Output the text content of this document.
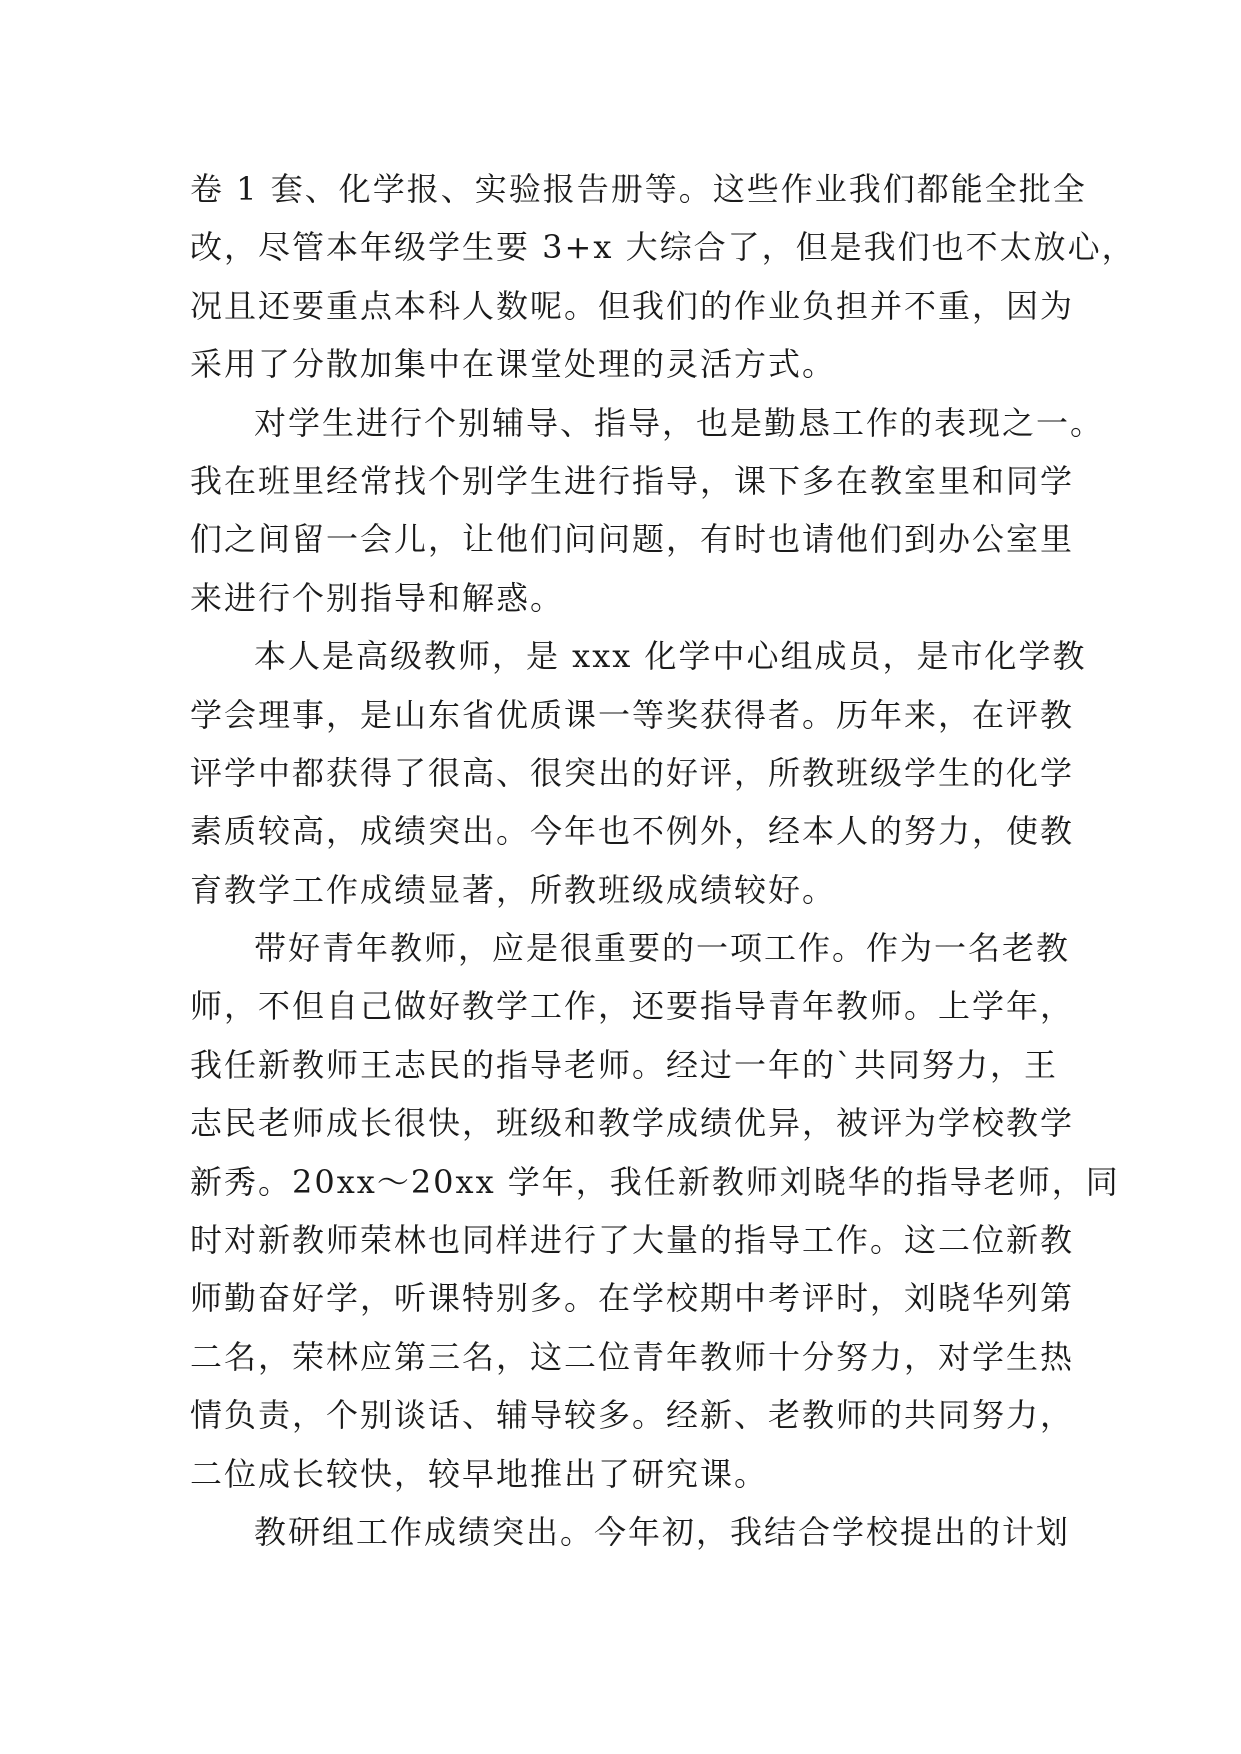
卷 1 套、化学报、实验报告册等。这些作业我们都能全批全
改，尽管本年级学生要 3+x 大综合了，但是我们也不太放心，
况且还要重点本科人数呢。但我们的作业负担并不重，因为
采用了分散加集中在课堂处理的灵活方式。
对学生进行个别辅导、指导，也是勤恳工作的表现之一。
我在班里经常找个别学生进行指导，课下多在教室里和同学
们之间留一会儿，让他们问问题，有时也请他们到办公室里
来进行个别指导和解惑。
本人是高级教师，是 xxx 化学中心组成员，是市化学教
学会理事，是山东省优质课一等奖获得者。历年来，在评教
评学中都获得了很高、很突出的好评，所教班级学生的化学
素质较高，成绩突出。今年也不例外，经本人的努力，使教
育教学工作成绩显著，所教班级成绩较好。
带好青年教师，应是很重要的一项工作。作为一名老教
师，不但自己做好教学工作，还要指导青年教师。上学年，
我任新教师王志民的指导老师。经过一年的`共同努力，王
志民老师成长很快，班级和教学成绩优异，被评为学校教学
新秀。20xx～20xx 学年，我任新教师刘晓华的指导老师，同
时对新教师荣林也同样进行了大量的指导工作。这二位新教
师勤奋好学，听课特别多。在学校期中考评时，刘晓华列第
二名，荣林应第三名，这二位青年教师十分努力，对学生热
情负责，个别谈话、辅导较多。经新、老教师的共同努力，
二位成长较快，较早地推出了研究课。
教研组工作成绩突出。今年初，我结合学校提出的计划
